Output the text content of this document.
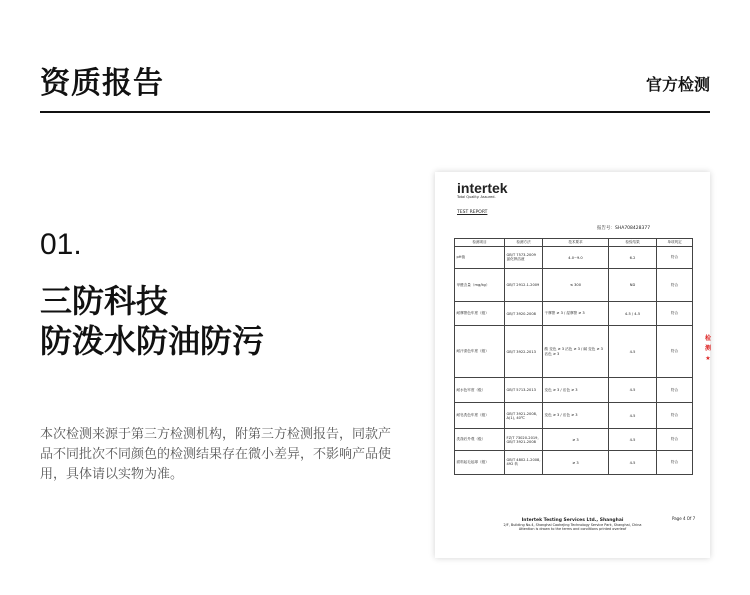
资质报告	官方检测
01.
三防科技
防泼水防油防污
本次检测来源于第三方检测机构，附第三方检测报告，同款产品不同批次不同颜色的检测结果存在微小差异，不影响产品使用，具体请以实物为准。
intertek
Total Quality. Assured.
TEST REPORT
报告号：SHA708428377
检测项目	检测方法	技术要求	检验结果	单项判定
pH值	GB/T 7573-2009 氯化钾溶液	4.0~9.0	6.2	符合
甲醛含量（mg/kg）	GB/T 2912.1-2009	≤ 300	ND	符合
耐摩擦色牢度（级）	GB/T 3920-2008	干摩擦 ≥ 3 / 湿摩擦 ≥ 3	4-5 / 4-5	符合
耐汗渍色牢度（级）	GB/T 3922-2013	酸 变色 ≥ 3 沾色 ≥ 3 / 碱 变色 ≥ 3 沾色 ≥ 3	4-5	符合
耐水色牢度（级）	GB/T 5713-2013	变色 ≥ 3 / 沾色 ≥ 3	4-5	符合
耐皂洗色牢度（级）	GB/T 3921-2008, A(1), 40℃	变色 ≥ 3 / 沾色 ≥ 3	4-5	符合
洗涤后外观（级）	FZ/T 73020-2019, GB/T 3921-2008	≥ 3	4-5	符合
面料起毛起球（级）	GB/T 4802.1-2008, 492 转	≥ 3	4-5	符合
Page 4 Of 7
Intertek Testing Services Ltd., Shanghai
2/F, Building No.4, Shanghai Caohejing Technology Service Park, Shanghai, China
Attention is drawn to the terms and conditions printed overleaf
检测★
